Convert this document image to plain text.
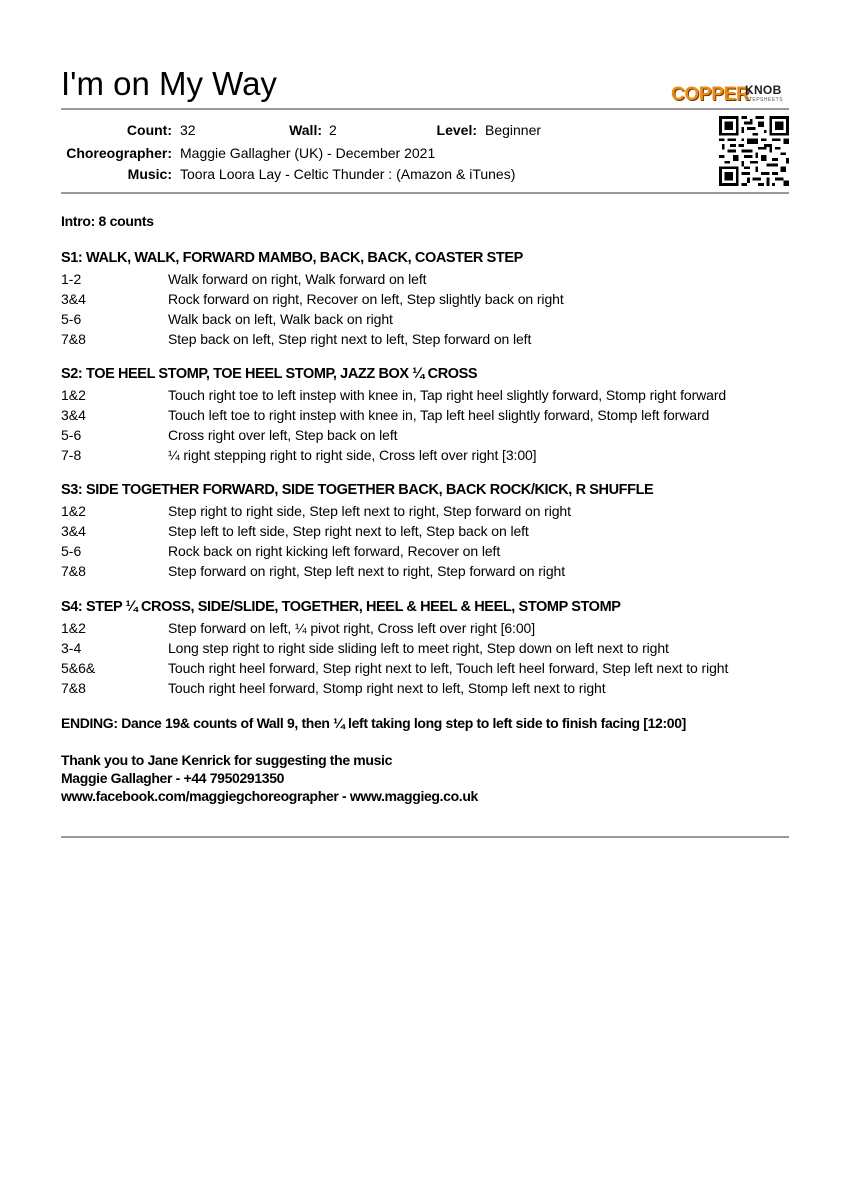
I'm on My Way	COPPER
KNOB
STEPSHEETS
Count: 32	Wall: 2	Level: Beginner
Choreographer: Maggie Gallagher (UK) - December 2021
Music: Toora Loora Lay - Celtic Thunder : (Amazon & iTunes)
Intro: 8 counts
S1: WALK, WALK, FORWARD MAMBO, BACK, BACK, COASTER STEP
1-2	Walk forward on right, Walk forward on left
3&4	Rock forward on right, Recover on left, Step slightly back on right
5-6	Walk back on left, Walk back on right
7&8	Step back on left, Step right next to left, Step forward on left
S2: TOE HEEL STOMP, TOE HEEL STOMP, JAZZ BOX ¼ CROSS
1&2	Touch right toe to left instep with knee in, Tap right heel slightly forward, Stomp right forward
3&4	Touch left toe to right instep with knee in, Tap left heel slightly forward, Stomp left forward
5-6	Cross right over left, Step back on left
7-8	¼ right stepping right to right side, Cross left over right [3:00]
S3: SIDE TOGETHER FORWARD, SIDE TOGETHER BACK, BACK ROCK/KICK, R SHUFFLE
1&2	Step right to right side, Step left next to right, Step forward on right
3&4	Step left to left side, Step right next to left, Step back on left
5-6	Rock back on right kicking left forward, Recover on left
7&8	Step forward on right, Step left next to right, Step forward on right
S4: STEP ¼ CROSS, SIDE/SLIDE, TOGETHER, HEEL & HEEL & HEEL, STOMP STOMP
1&2	Step forward on left, ¼ pivot right, Cross left over right [6:00]
3-4	Long step right to right side sliding left to meet right, Step down on left next to right
5&6&	Touch right heel forward, Step right next to left, Touch left heel forward, Step left next to right
7&8	Touch right heel forward, Stomp right next to left, Stomp left next to right
ENDING: Dance 19& counts of Wall 9, then ¼ left taking long step to left side to finish facing [12:00]
Thank you to Jane Kenrick for suggesting the music
Maggie Gallagher - +44 7950291350
www.facebook.com/maggiegchoreographer - www.maggieg.co.uk
